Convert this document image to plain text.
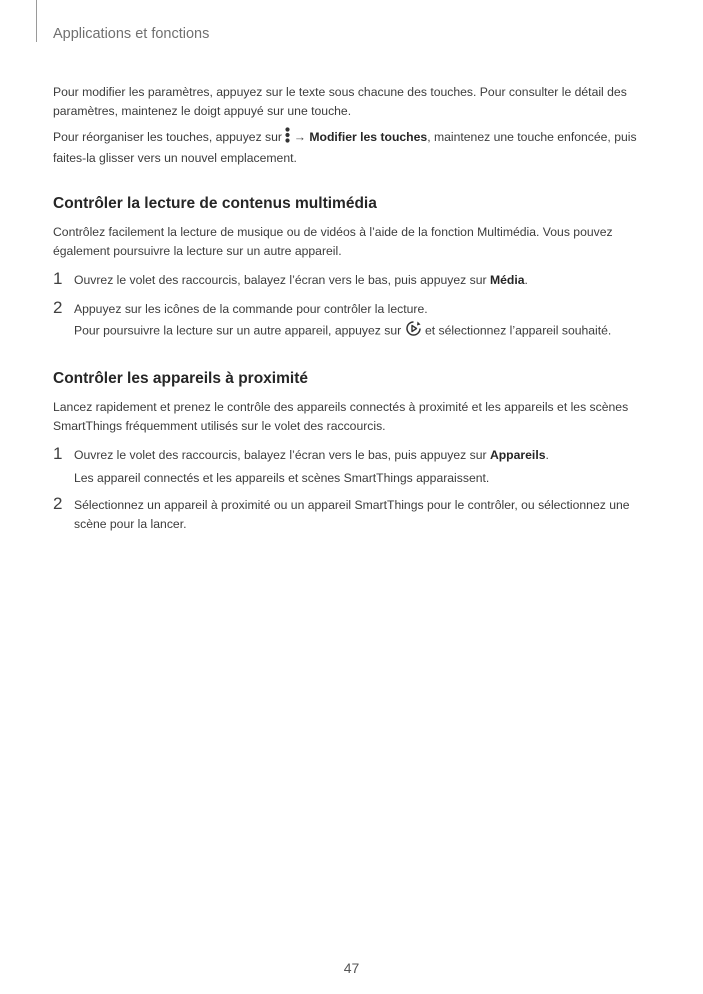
Applications et fonctions

Pour modifier les paramètres, appuyez sur le texte sous chacune des touches. Pour consulter le détail des paramètres, maintenez le doigt appuyé sur une touche.

Pour réorganiser les touches, appuyez sur  → Modifier les touches, maintenez une touche enfoncée, puis faites-la glisser vers un nouvel emplacement.

Contrôler la lecture de contenus multimédia

Contrôlez facilement la lecture de musique ou de vidéos à l’aide de la fonction Multimédia. Vous pouvez également poursuivre la lecture sur un autre appareil.

1 Ouvrez le volet des raccourcis, balayez l’écran vers le bas, puis appuyez sur Média.

2 Appuyez sur les icônes de la commande pour contrôler la lecture.

Pour poursuivre la lecture sur un autre appareil, appuyez sur  et sélectionnez l’appareil souhaité.

Contrôler les appareils à proximité

Lancez rapidement et prenez le contrôle des appareils connectés à proximité et les appareils et les scènes SmartThings fréquemment utilisés sur le volet des raccourcis.

1 Ouvrez le volet des raccourcis, balayez l’écran vers le bas, puis appuyez sur Appareils.

Les appareil connectés et les appareils et scènes SmartThings apparaissent.

2 Sélectionnez un appareil à proximité ou un appareil SmartThings pour le contrôler, ou sélectionnez une scène pour la lancer.

47
